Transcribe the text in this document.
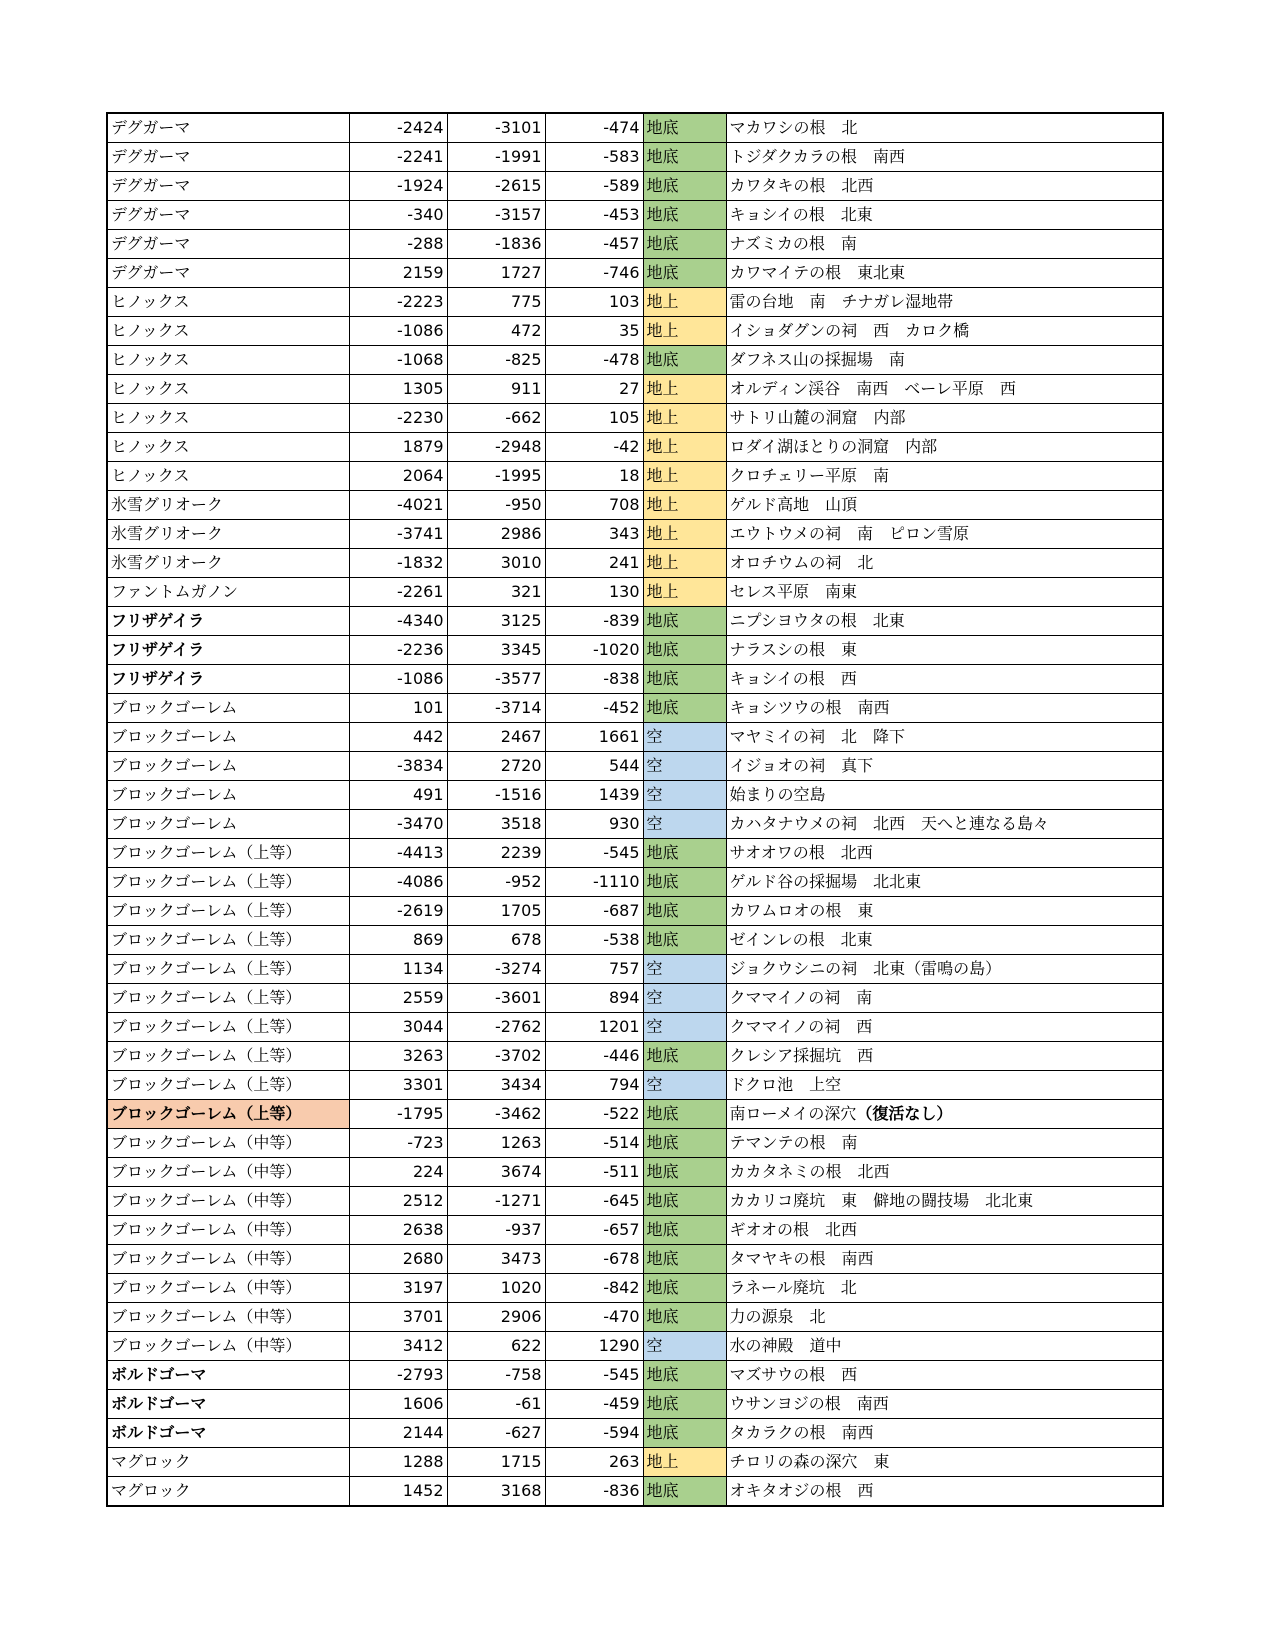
デグガーマ	-2424	-3101	-474	地底	マカワシの根　北
デグガーマ	-2241	-1991	-583	地底	トジダクカラの根　南西
デグガーマ	-1924	-2615	-589	地底	カワタキの根　北西
デグガーマ	-340	-3157	-453	地底	キョシイの根　北東
デグガーマ	-288	-1836	-457	地底	ナズミカの根　南
デグガーマ	2159	1727	-746	地底	カワマイテの根　東北東
ヒノックス	-2223	775	103	地上	雷の台地　南　チナガレ湿地帯
ヒノックス	-1086	472	35	地上	イショダグンの祠　西　カロク橋
ヒノックス	-1068	-825	-478	地底	ダフネス山の採掘場　南
ヒノックス	1305	911	27	地上	オルディン渓谷　南西　ベーレ平原　西
ヒノックス	-2230	-662	105	地上	サトリ山麓の洞窟　内部
ヒノックス	1879	-2948	-42	地上	ロダイ湖ほとりの洞窟　内部
ヒノックス	2064	-1995	18	地上	クロチェリー平原　南
氷雪グリオーク	-4021	-950	708	地上	ゲルド高地　山頂
氷雪グリオーク	-3741	2986	343	地上	エウトウメの祠　南　ピロン雪原
氷雪グリオーク	-1832	3010	241	地上	オロチウムの祠　北
ファントムガノン	-2261	321	130	地上	セレス平原　南東
フリザゲイラ	-4340	3125	-839	地底	ニプシヨウタの根　北東
フリザゲイラ	-2236	3345	-1020	地底	ナラスシの根　東
フリザゲイラ	-1086	-3577	-838	地底	キョシイの根　西
ブロックゴーレム	101	-3714	-452	地底	キョシツウの根　南西
ブロックゴーレム	442	2467	1661	空	マヤミイの祠　北　降下
ブロックゴーレム	-3834	2720	544	空	イジョオの祠　真下
ブロックゴーレム	491	-1516	1439	空	始まりの空島
ブロックゴーレム	-3470	3518	930	空	カハタナウメの祠　北西　天へと連なる島々
ブロックゴーレム（上等）	-4413	2239	-545	地底	サオオワの根　北西
ブロックゴーレム（上等）	-4086	-952	-1110	地底	ゲルド谷の採掘場　北北東
ブロックゴーレム（上等）	-2619	1705	-687	地底	カワムロオの根　東
ブロックゴーレム（上等）	869	678	-538	地底	ゼインレの根　北東
ブロックゴーレム（上等）	1134	-3274	757	空	ジョクウシニの祠　北東（雷鳴の島）
ブロックゴーレム（上等）	2559	-3601	894	空	クママイノの祠　南
ブロックゴーレム（上等）	3044	-2762	1201	空	クママイノの祠　西
ブロックゴーレム（上等）	3263	-3702	-446	地底	クレシア採掘坑　西
ブロックゴーレム（上等）	3301	3434	794	空	ドクロ池　上空
ブロックゴーレム（上等）	-1795	-3462	-522	地底	南ローメイの深穴（復活なし）
ブロックゴーレム（中等）	-723	1263	-514	地底	テマンテの根　南
ブロックゴーレム（中等）	224	3674	-511	地底	カカタネミの根　北西
ブロックゴーレム（中等）	2512	-1271	-645	地底	カカリコ廃坑　東　僻地の闘技場　北北東
ブロックゴーレム（中等）	2638	-937	-657	地底	ギオオの根　北西
ブロックゴーレム（中等）	2680	3473	-678	地底	タマヤキの根　南西
ブロックゴーレム（中等）	3197	1020	-842	地底	ラネール廃坑　北
ブロックゴーレム（中等）	3701	2906	-470	地底	力の源泉　北
ブロックゴーレム（中等）	3412	622	1290	空	水の神殿　道中
ボルドゴーマ	-2793	-758	-545	地底	マズサウの根　西
ボルドゴーマ	1606	-61	-459	地底	ウサンヨジの根　南西
ボルドゴーマ	2144	-627	-594	地底	タカラクの根　南西
マグロック	1288	1715	263	地上	チロリの森の深穴　東
マグロック	1452	3168	-836	地底	オキタオジの根　西
